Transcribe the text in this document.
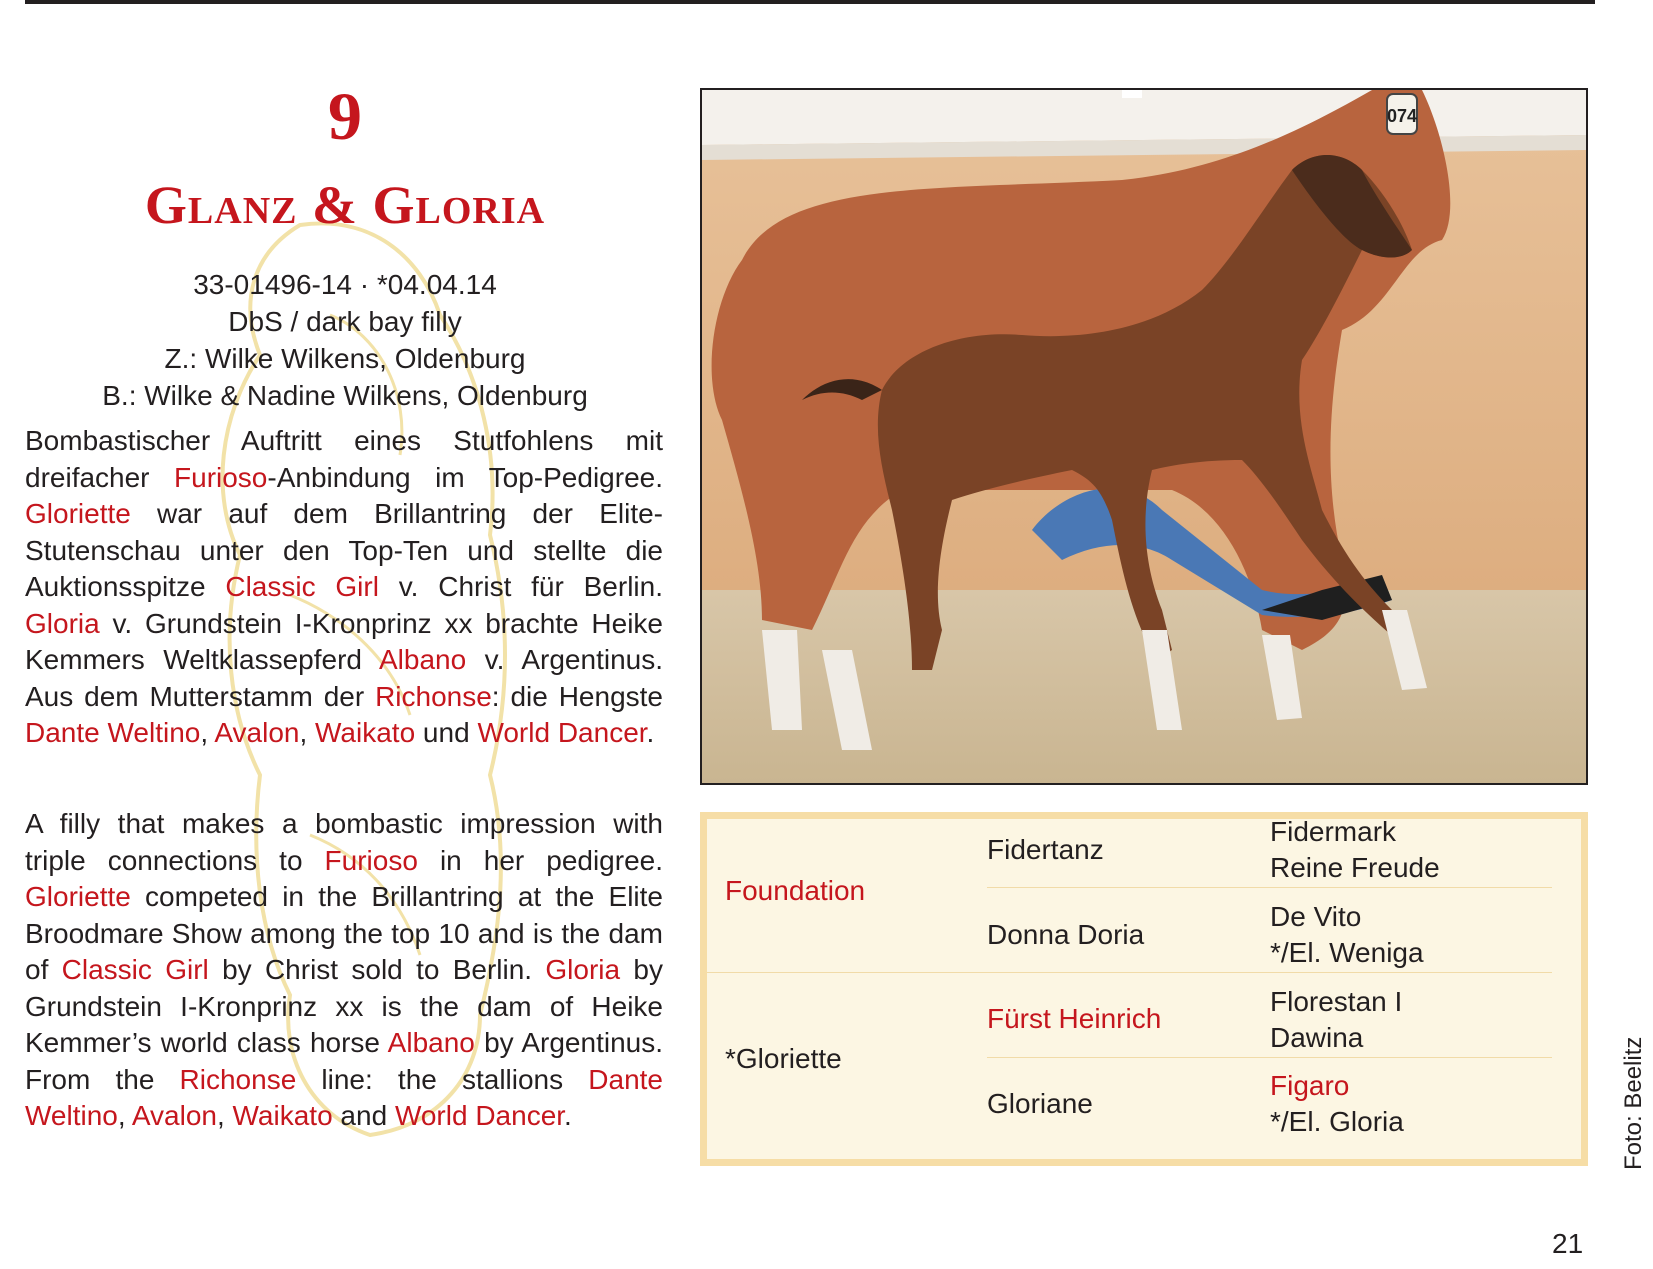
9
Glanz & Gloria
33-01496-14 · *04.04.14
DbS / dark bay filly
Z.: Wilke Wilkens, Oldenburg
B.: Wilke & Nadine Wilkens, Oldenburg

Bombastischer Auftritt eines Stutfohlens mit dreifacher Furioso-Anbindung im Top-Pedigree. Gloriette war auf dem Brillantring der Elite-Stutenschau unter den Top-Ten und stellte die Auktionsspitze Classic Girl v. Christ für Berlin. Gloria v. Grundstein I-Kronprinz xx brachte Heike Kemmers Weltklassepferd Albano v. Argentinus. Aus dem Mutterstamm der Richonse: die Hengste Dante Weltino, Avalon, Waikato und World Dancer.

A filly that makes a bombastic impression with triple connections to Furioso in her pedigree. Gloriette competed in the Brillantring at the Elite Broodmare Show among the top 10 and is the dam of Classic Girl by Christ sold to Berlin. Gloria by Grundstein I-Kronprinz xx is the dam of Heike Kemmer’s world class horse Albano by Argentinus. From the Richonse line: the stallions Dante Weltino, Avalon, Waikato and World Dancer.

074
Foundation
*Gloriette
Fidertanz
Donna Doria
Fürst Heinrich
Gloriane
Fidermark
Reine Freude
De Vito
*/El. Weniga
Florestan I
Dawina
Figaro
*/El. Gloria	Foto: Beelitz
21
